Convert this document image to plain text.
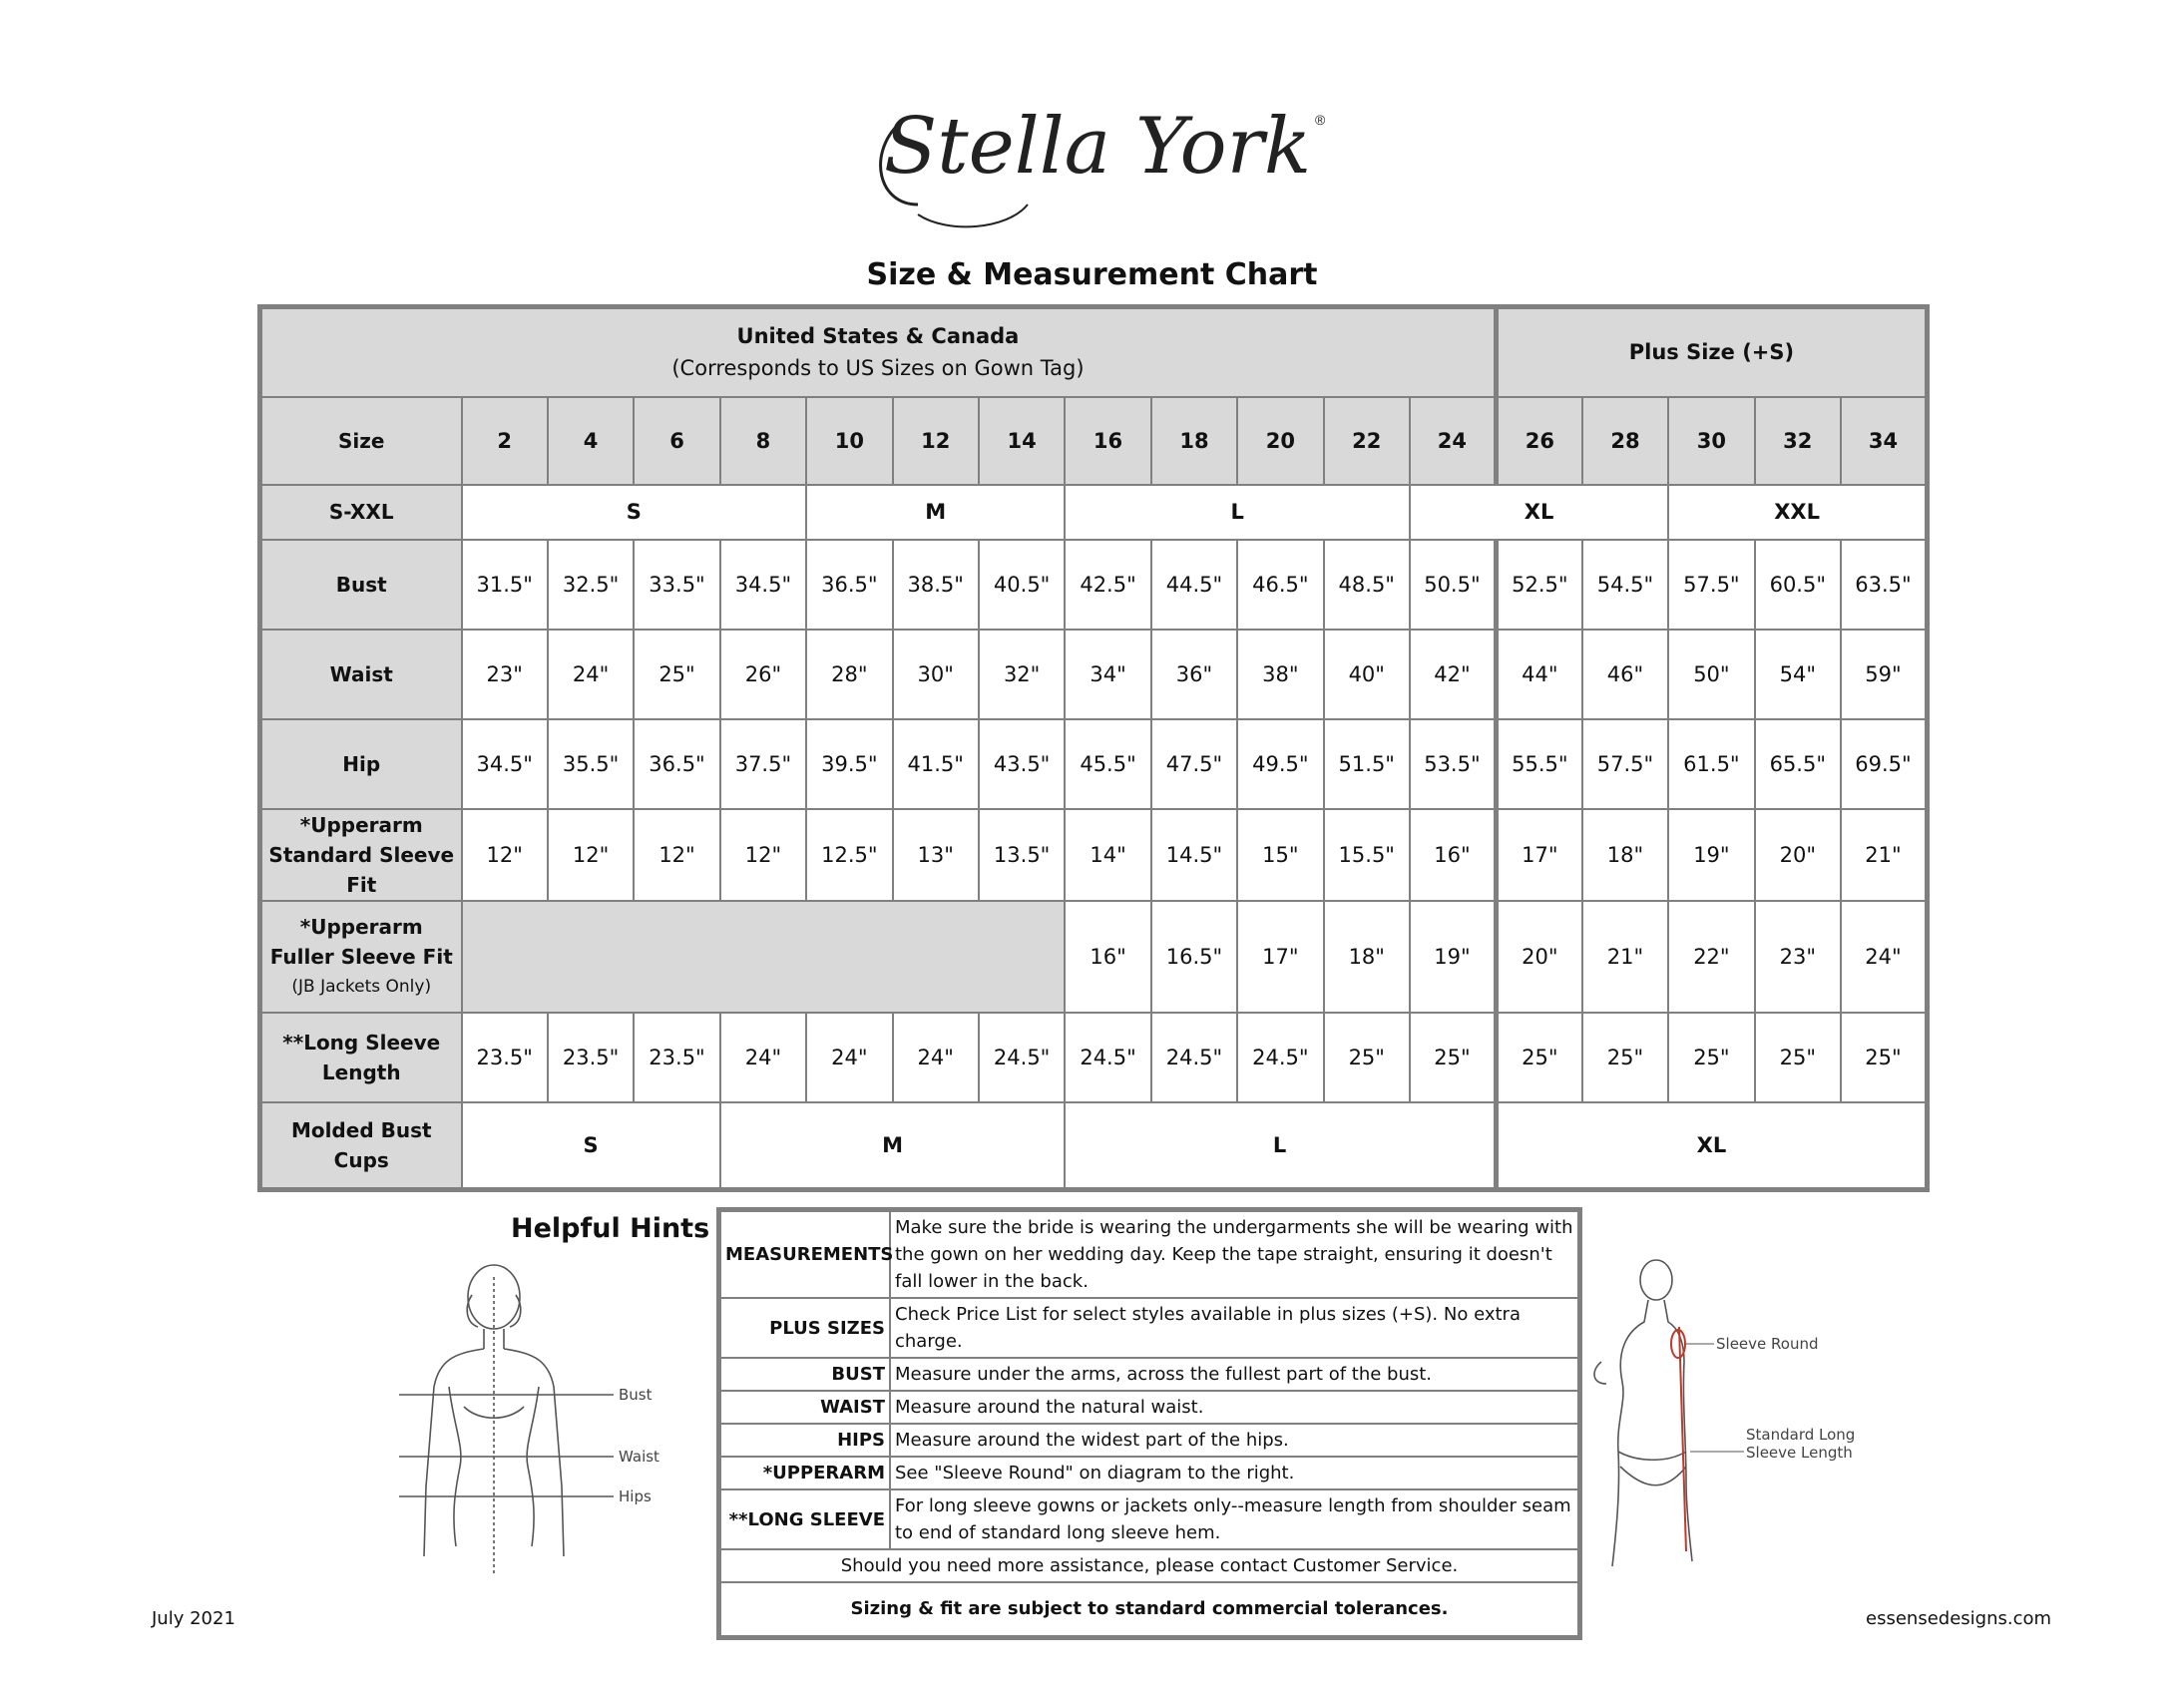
Stella York ®
Size & Measurement Chart
United States & Canada
(Corresponds to US Sizes on Gown Tag)													Plus Size (+S)				
Size	2	4	6	8	10	12	14	16	18	20	22	24	26	28	30	32	34
S-XXL	S				M			L				XL			XXL		
Bust	31.5"	32.5"	33.5"	34.5"	36.5"	38.5"	40.5"	42.5"	44.5"	46.5"	48.5"	50.5"	52.5"	54.5"	57.5"	60.5"	63.5"
Waist	23"	24"	25"	26"	28"	30"	32"	34"	36"	38"	40"	42"	44"	46"	50"	54"	59"
Hip	34.5"	35.5"	36.5"	37.5"	39.5"	41.5"	43.5"	45.5"	47.5"	49.5"	51.5"	53.5"	55.5"	57.5"	61.5"	65.5"	69.5"

*Upperarm
Standard Sleeve Fit	12"	12"	12"	12"	12.5"	13"	13.5"	14"	14.5"	15"	15.5"	16"	17"	18"	19"	20"	21"

*Upperarm
Fuller Sleeve Fit
(JB Jackets Only)								16"	16.5"	17"	18"	19"	20"	21"	22"	23"	24"

**Long Sleeve
Length	23.5"	23.5"	23.5"	24"	24"	24"	24.5"	24.5"	24.5"	24.5"	25"	25"	25"	25"	25"	25"	25"
Molded Bust Cups	S			M				L					XL				
Helpful Hints
Bust
Waist
Hips
MEASUREMENTS	Make sure the bride is wearing the undergarments she will be wearing with the gown on her wedding day. Keep the tape straight, ensuring it doesn't fall lower in the back.
PLUS SIZES	Check Price List for select styles available in plus sizes (+S). No extra charge.
BUST	Measure under the arms, across the fullest part of the bust.
WAIST	Measure around the natural waist.
HIPS	Measure around the widest part of the hips.
*UPPERARM	See "Sleeve Round" on diagram to the right.
**LONG SLEEVE	For long sleeve gowns or jackets only--measure length from shoulder seam to end of standard long sleeve hem.
Should you need more assistance, please contact Customer Service.	
Sizing & fit are subject to standard commercial tolerances.	
Sleeve Round
Standard Long
Sleeve Length
July 2021	essensedesigns.com
